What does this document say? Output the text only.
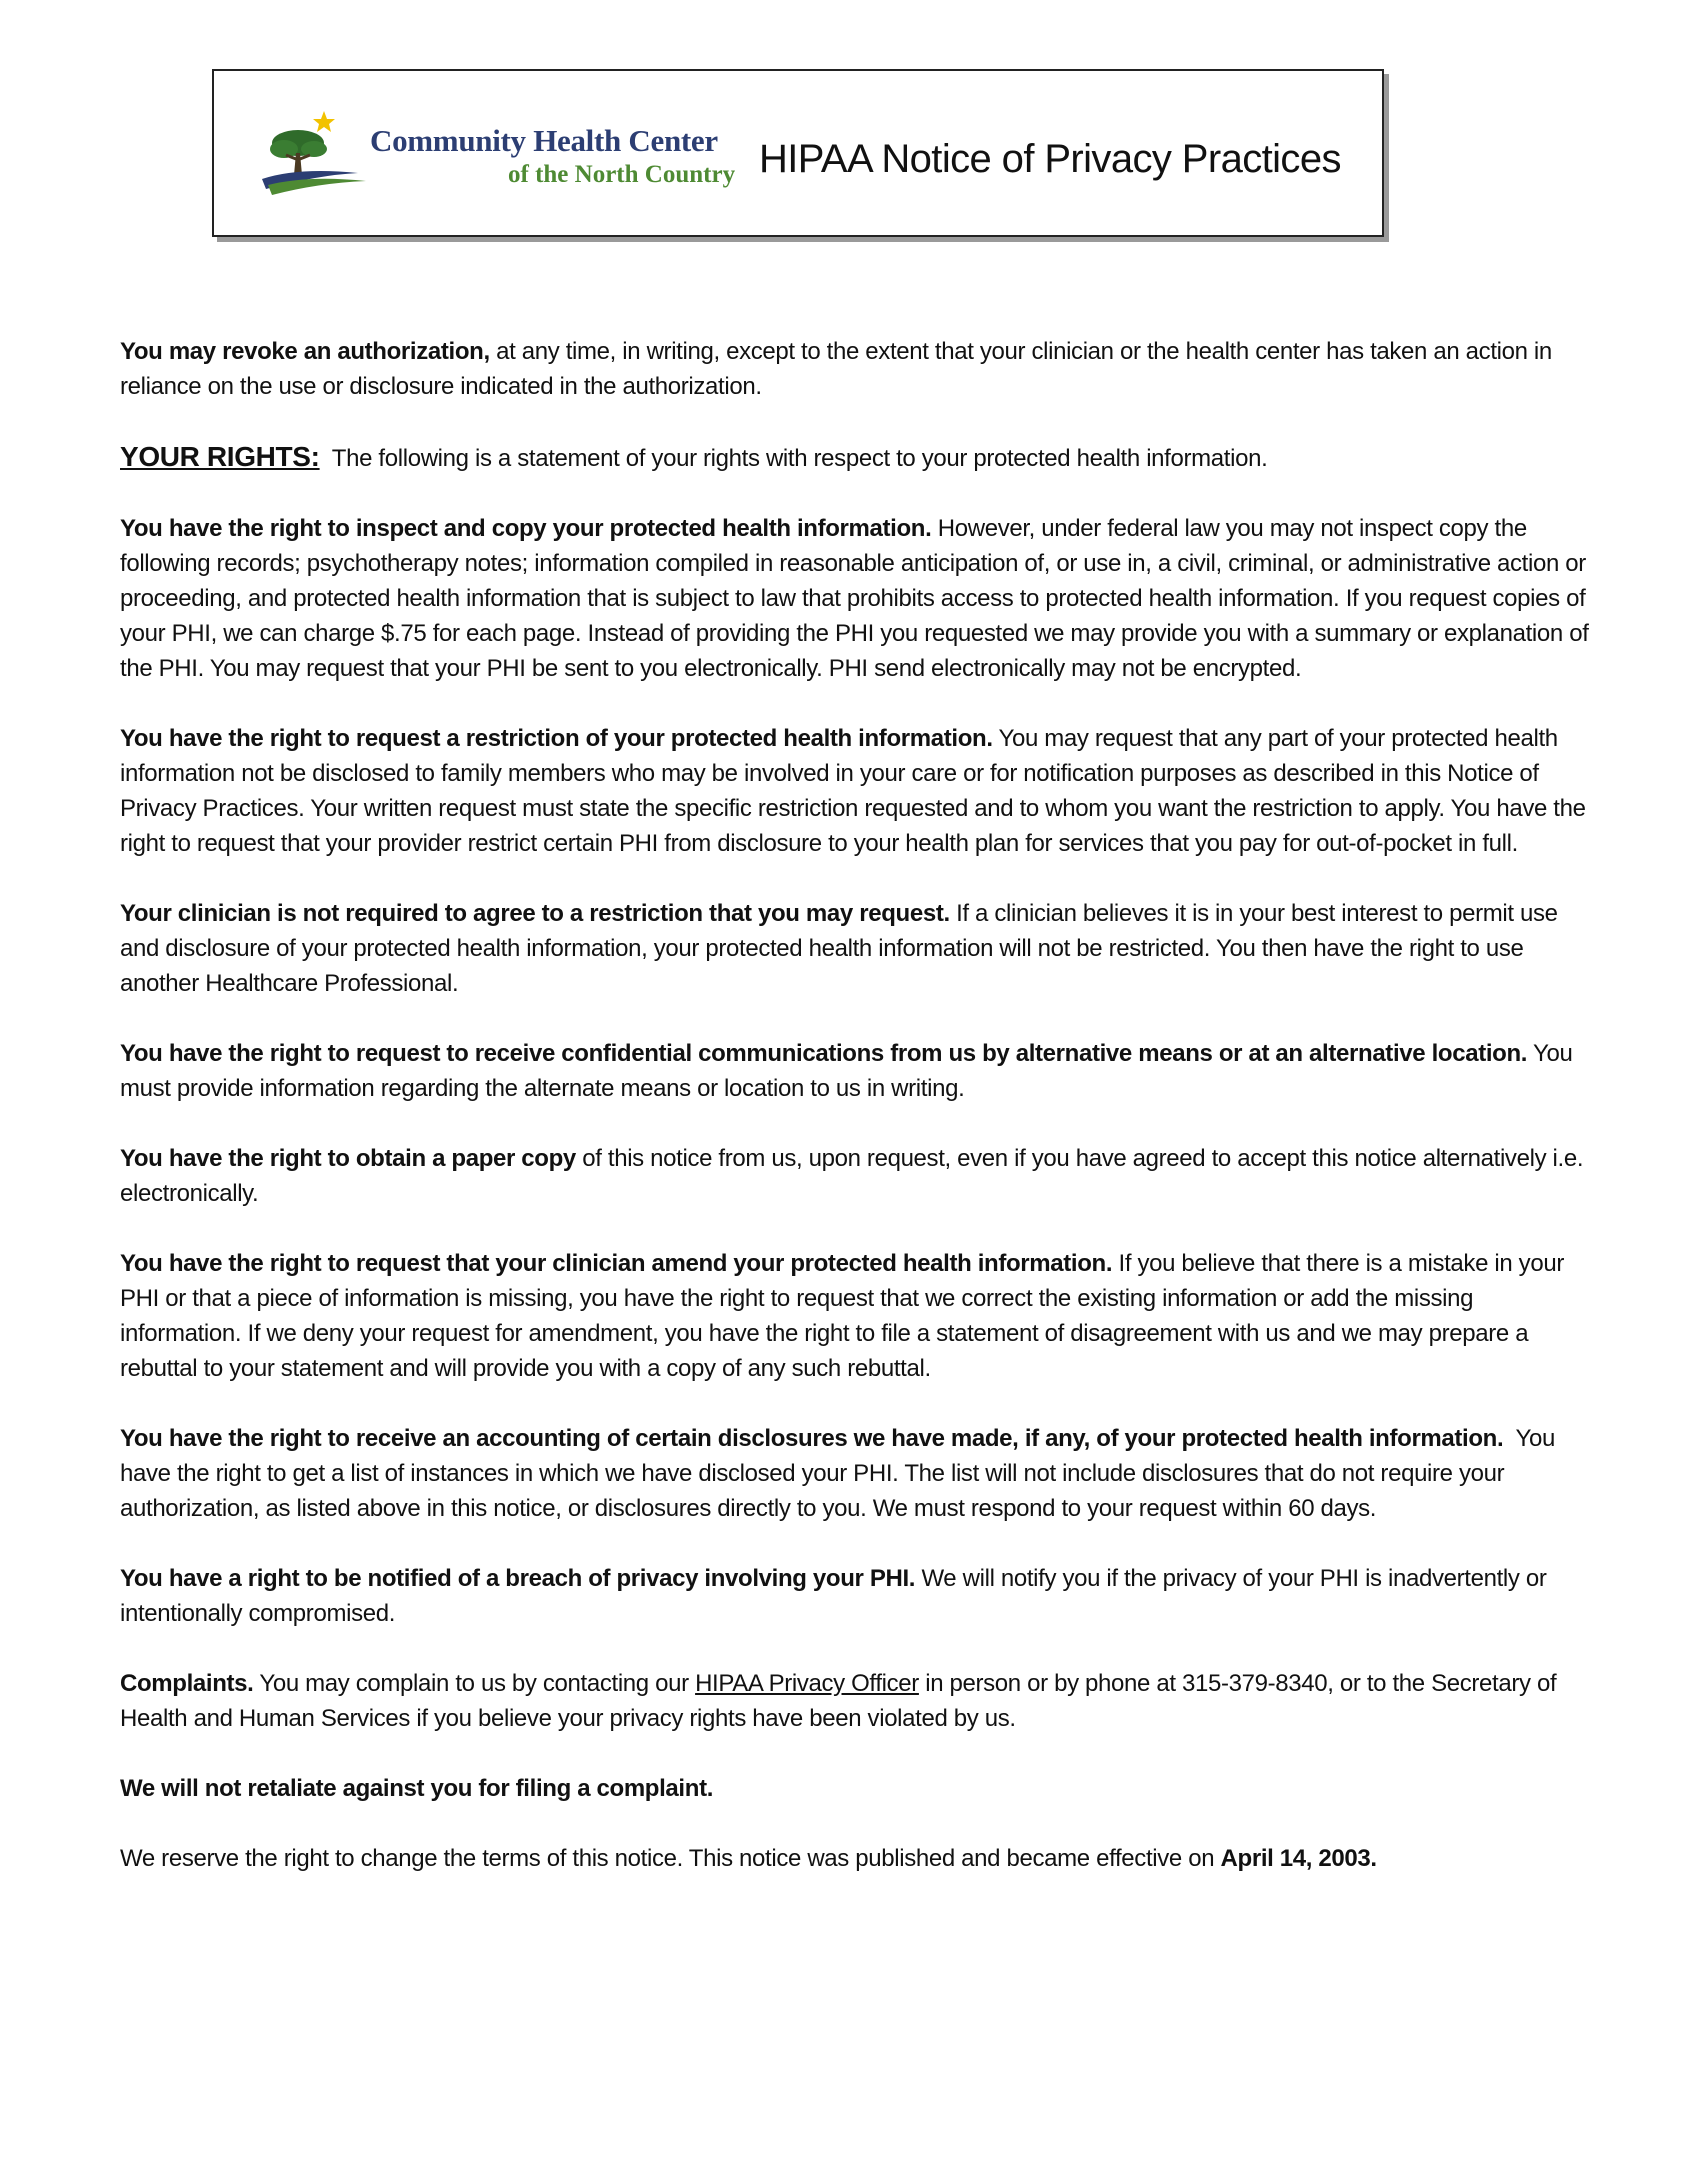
Community Health Center
of the North Country HIPAA Notice of Privacy Practices

You may revoke an authorization, at any time, in writing, except to the extent that your clinician or the health center has taken an action in reliance on the use or disclosure indicated in the authorization.

YOUR RIGHTS:  The following is a statement of your rights with respect to your protected health information.

You have the right to inspect and copy your protected health information. However, under federal law you may not inspect copy the following records; psychotherapy notes; information compiled in reasonable anticipation of, or use in, a civil, criminal, or administrative action or proceeding, and protected health information that is subject to law that prohibits access to protected health information. If you request copies of your PHI, we can charge $.75 for each page. Instead of providing the PHI you requested we may provide you with a summary or explanation of the PHI. You may request that your PHI be sent to you electronically. PHI send electronically may not be encrypted.

You have the right to request a restriction of your protected health information. You may request that any part of your protected health information not be disclosed to family members who may be involved in your care or for notification purposes as described in this Notice of Privacy Practices. Your written request must state the specific restriction requested and to whom you want the restriction to apply. You have the right to request that your provider restrict certain PHI from disclosure to your health plan for services that you pay for out-of-pocket in full.

Your clinician is not required to agree to a restriction that you may request. If a clinician believes it is in your best interest to permit use and disclosure of your protected health information, your protected health information will not be restricted. You then have the right to use another Healthcare Professional.

You have the right to request to receive confidential communications from us by alternative means or at an alternative location. You must provide information regarding the alternate means or location to us in writing.

You have the right to obtain a paper copy of this notice from us, upon request, even if you have agreed to accept this notice alternatively i.e. electronically.

You have the right to request that your clinician amend your protected health information. If you believe that there is a mistake in your PHI or that a piece of information is missing, you have the right to request that we correct the existing information or add the missing information. If we deny your request for amendment, you have the right to file a statement of disagreement with us and we may prepare a rebuttal to your statement and will provide you with a copy of any such rebuttal.

You have the right to receive an accounting of certain disclosures we have made, if any, of your protected health information.  You have the right to get a list of instances in which we have disclosed your PHI. The list will not include disclosures that do not require your authorization, as listed above in this notice, or disclosures directly to you. We must respond to your request within 60 days.

You have a right to be notified of a breach of privacy involving your PHI. We will notify you if the privacy of your PHI is inadvertently or intentionally compromised.

Complaints. You may complain to us by contacting our HIPAA Privacy Officer in person or by phone at 315-379-8340, or to the Secretary of Health and Human Services if you believe your privacy rights have been violated by us.

We will not retaliate against you for filing a complaint.

We reserve the right to change the terms of this notice. This notice was published and became effective on April 14, 2003.
